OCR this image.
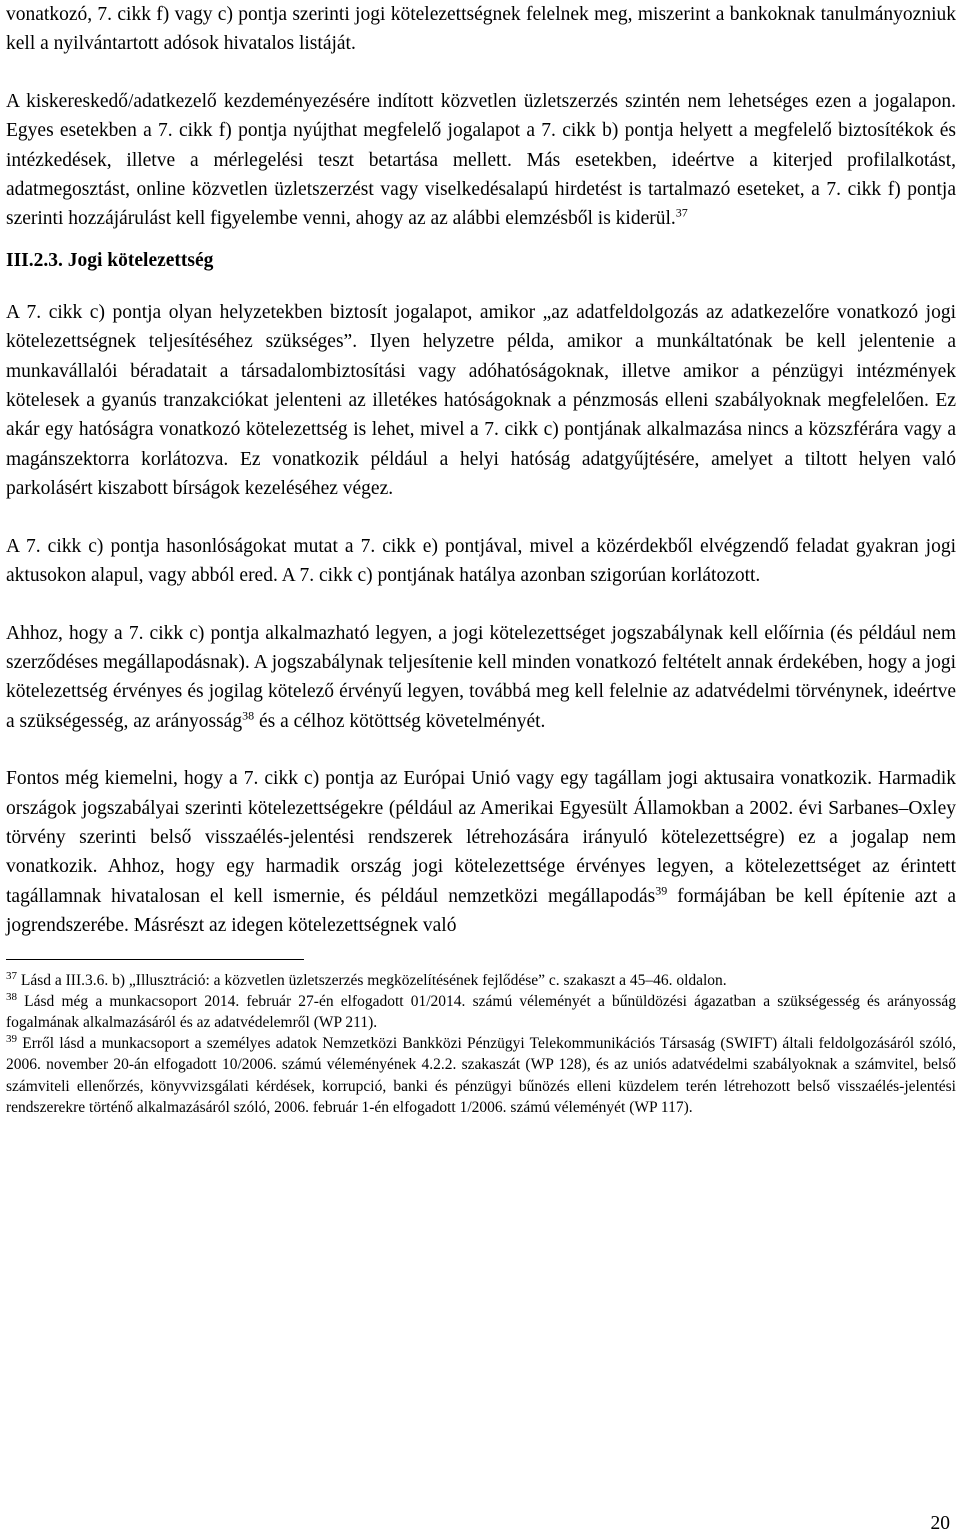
vonatkozó, 7. cikk f) vagy c) pontja szerinti jogi kötelezettségnek felelnek meg, miszerint a bankoknak tanulmányozniuk kell a nyilvántartott adósok hivatalos listáját.

A kiskereskedő/adatkezelő kezdeményezésére indított közvetlen üzletszerzés szintén nem lehetséges ezen a jogalapon. Egyes esetekben a 7. cikk f) pontja nyújthat megfelelő jogalapot a 7. cikk b) pontja helyett a megfelelő biztosítékok és intézkedések, illetve a mérlegelési teszt betartása mellett. Más esetekben, ideértve a kiterjed profilalkotást, adatmegosztást, online közvetlen üzletszerzést vagy viselkedésalapú hirdetést is tartalmazó eseteket, a 7. cikk f) pontja szerinti hozzájárulást kell figyelembe venni, ahogy az az alábbi elemzésből is kiderül.$^{37}$

III.2.3. Jogi kötelezettség

A 7. cikk c) pontja olyan helyzetekben biztosít jogalapot, amikor „az adatfeldolgozás az adatkezelőre vonatkozó jogi kötelezettségnek teljesítéséhez szükséges”. Ilyen helyzetre példa, amikor a munkáltatónak be kell jelentenie a munkavállalói béradatait a társadalombiztosítási vagy adóhatóságoknak, illetve amikor a pénzügyi intézmények kötelesek a gyanús tranzakciókat jelenteni az illetékes hatóságoknak a pénzmosás elleni szabályoknak megfelelően. Ez akár egy hatóságra vonatkozó kötelezettség is lehet, mivel a 7. cikk c) pontjának alkalmazása nincs a közszférára vagy a magánszektorra korlátozva. Ez vonatkozik például a helyi hatóság adatgyűjtésére, amelyet a tiltott helyen való parkolásért kiszabott bírságok kezeléséhez végez.

A 7. cikk c) pontja hasonlóságokat mutat a 7. cikk e) pontjával, mivel a közérdekből elvégzendő feladat gyakran jogi aktusokon alapul, vagy abból ered. A 7. cikk c) pontjának hatálya azonban szigorúan korlátozott.

Ahhoz, hogy a 7. cikk c) pontja alkalmazható legyen, a jogi kötelezettséget jogszabálynak kell előírnia (és például nem szerződéses megállapodásnak). A jogszabálynak teljesítenie kell minden vonatkozó feltételt annak érdekében, hogy a jogi kötelezettség érvényes és jogilag kötelező érvényű legyen, továbbá meg kell felelnie az adatvédelmi törvénynek, ideértve a szükségesség, az arányosság$^{38}$ és a célhoz kötöttség követelményét.

Fontos még kiemelni, hogy a 7. cikk c) pontja az Európai Unió vagy egy tagállam jogi aktusaira vonatkozik. Harmadik országok jogszabályai szerinti kötelezettségekre (például az Amerikai Egyesült Államokban a 2002. évi Sarbanes–Oxley törvény szerinti belső visszaélés-jelentési rendszerek létrehozására irányuló kötelezettségre) ez a jogalap nem vonatkozik. Ahhoz, hogy egy harmadik ország jogi kötelezettsége érvényes legyen, a kötelezettséget az érintett tagállamnak hivatalosan el kell ismernie, és például nemzetközi megállapodás$^{39}$ formájában be kell építenie azt a jogrendszerébe. Másrészt az idegen kötelezettségnek való

$^{37}$ Lásd a III.3.6. b) „Illusztráció: a közvetlen üzletszerzés megközelítésének fejlődése” c. szakaszt a 45–46. oldalon.

$^{38}$ Lásd még a munkacsoport 2014. február 27-én elfogadott 01/2014. számú véleményét a bűnüldözési ágazatban a szükségesség és arányosság fogalmának alkalmazásáról és az adatvédelemről (WP 211).

$^{39}$ Erről lásd a munkacsoport a személyes adatok Nemzetközi Bankközi Pénzügyi Telekommunikációs Társaság (SWIFT) általi feldolgozásáról szóló, 2006. november 20-án elfogadott 10/2006. számú véleményének 4.2.2. szakaszát (WP 128), és az uniós adatvédelmi szabályoknak a számvitel, belső számviteli ellenőrzés, könyvvizsgálati kérdések, korrupció, banki és pénzügyi bűnözés elleni küzdelem terén létrehozott belső visszaélés-jelentési rendszerekre történő alkalmazásáról szóló, 2006. február 1-én elfogadott 1/2006. számú véleményét (WP 117).

20
